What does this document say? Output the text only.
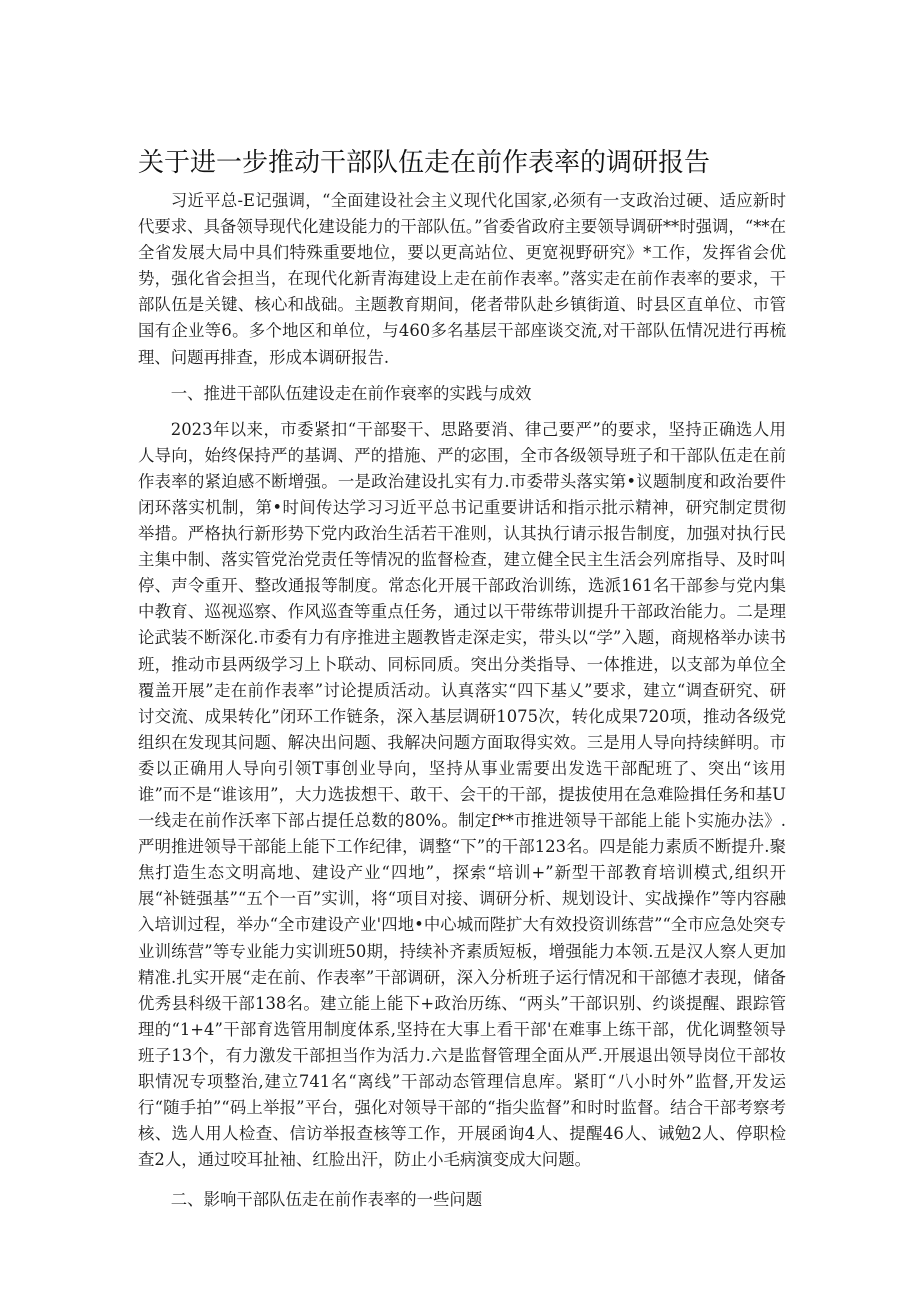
关于进一步推动干部队伍走在前作表率的调研报告

习近平总-E记强调，“全面建设社会主义现代化国家,必须有一支政治过硬、适应新时代要求、具备领导现代化建设能力的干部队伍。”省委省政府主要领导调研**时强调，“**在全省发展大局中具们特殊重要地位，要以更高站位、更宽视野研究》*工作，发挥省会优势，强化省会担当，在现代化新青海建设上走在前作表率。”落实走在前作表率的要求，干部队伍是关键、核心和战础。主题教育期间，佬者带队赴乡镇街道、时县区直单位、市管国有企业等6。多个地区和单位，与460多名基层干部座谈交流,对干部队伍情况进行再梳理、问题再排查，形成本调研报告.

一、推进干部队伍建设走在前作衰率的实践与成效

2023年以来，市委紧扣“干部娶干、思路要消、律己要严”的要求，坚持正确选人用人导向，始终保持严的基调、严的措施、严的宓围，全市各级领导班子和干部队伍走在前作表率的紧迫感不断增强。一是政治建设扎实有力.市委带头落实第•议题制度和政治要件闭环落实机制，第•时间传达学习习近平总书记重要讲话和指示批示精神，研究制定贯彻举措。严格执行新形势下党内政治生活若干准则，认其执行请示报告制度，加强对执行民主集中制、落实管党治党责任等情况的监督检查，建立健全民主生活会列席指导、及时叫停、声令重开、整改通报等制度。常态化开展干部政治训练，选派161名干部参与党内集中教育、巡视巡察、作风巡査等重点任务，通过以干带练带训提升干部政治能力。二是理论武装不断深化.市委有力有序推进主题教皆走深走实，带头以“学”入题，商规格举办读书班，推动市县两级学习上卜联动、同标同质。突出分类指导、一体推进，以支部为单位全覆盖开展”走在前作表率”讨论提质活动。认真落实“四下基乂”要求，建立“调查研究、研讨交流、成果转化”闭环工作链条，深入基层调研1075次，转化成果720项，推动各级党组织在发现其问题、解决出问题、我解决问题方面取得实效。三是用人导向持续鲜明。市委以正确用人导向引领T事创业导向，坚持从事业需要出发选干部配班了、突出“该用谁”而不是“谁该用”，大力选拔想干、敢干、会干的干部，提拔使用在急难险揖任务和基U一线走在前作沃率下部占提任总数的80%。制定f**市推进领导干部能上能卜实施办法》.严明推进领导干部能上能下工作纪律，调整“下”的干部123名。四是能力素质不断提升.聚焦打造生态文明高地、建设产业“四地”，探索“培训+”新型干部教育培训模式,组织开展“补链强基”“五个一百”实训，将“项目对接、调研分析、规划设计、实战操作”等内容融入培训过程，举办“全市建设产业'四地•中心城而陛扩大有效投资训练营”“全市应急处突专业训练营”等专业能力实训班50期，持续补齐素质短板，增强能力本领.五是汉人察人更加精准.扎实开展“走在前、作表率”干部调研，深入分析班子运行情况和干部德才表现，储备优秀县科级干部138名。建立能上能下+政治历练、“两头”干部识别、约谈提醒、跟踪管理的“1+4”干部育选管用制度体系,坚持在大事上看干部'在难事上练干部，优化调整领导班子13个，有力激发干部担当作为活力.六是监督管理全面从严.开展退出领导岗位干部妆职情况专项整治,建立741名“离线”干部动态管理信息库。紧盯“八小时外”监督,开发运行“随手拍”“码上举报”平台，强化对领导干部的“指尖监督”和时时监督。结合干部考察考核、选人用人检查、信访举报查核等工作，开展函询4人、提醒46人、诫勉2人、停职检查2人，通过咬耳扯袖、红脸出汗，防止小毛病演变成大问题。

二、影响干部队伍走在前作表率的一些问题
